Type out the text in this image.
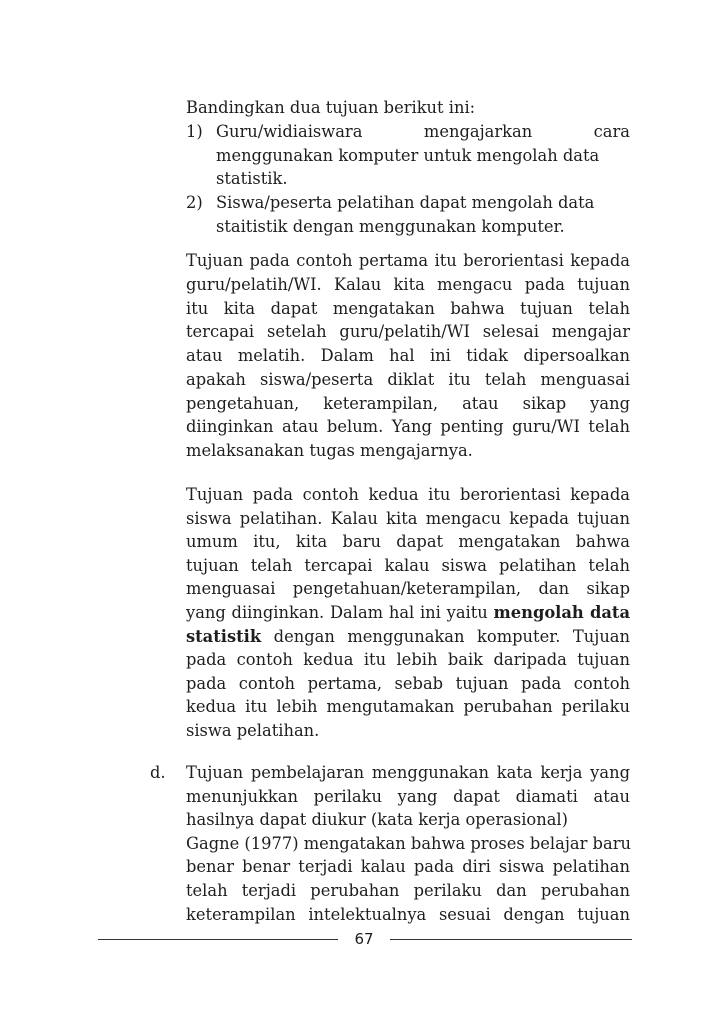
Bandingkan dua tujuan berikut ini:
1) Guru/widiaiswara mengajarkan cara
menggunakan komputer untuk mengolah data
statistik.
2) Siswa/peserta pelatihan dapat mengolah data
staitistik dengan menggunakan komputer.
Tujuan pada contoh pertama itu berorientasi kepada
guru/pelatih/WI. Kalau kita mengacu pada tujuan
itu kita dapat mengatakan bahwa tujuan telah
tercapai setelah guru/pelatih/WI selesai mengajar
atau melatih. Dalam hal ini tidak dipersoalkan
apakah siswa/peserta diklat itu telah menguasai
pengetahuan, keterampilan, atau sikap yang
diinginkan atau belum. Yang penting guru/WI telah
melaksanakan tugas mengajarnya.
Tujuan pada contoh kedua itu berorientasi kepada
siswa pelatihan. Kalau kita mengacu kepada tujuan
umum itu, kita baru dapat mengatakan bahwa
tujuan telah tercapai kalau siswa pelatihan telah
menguasai pengetahuan/keterampilan, dan sikap
yang diinginkan. Dalam hal ini yaitu mengolah data
statistik dengan menggunakan komputer. Tujuan
pada contoh kedua itu lebih baik daripada tujuan
pada contoh pertama, sebab tujuan pada contoh
kedua itu lebih mengutamakan perubahan perilaku
siswa pelatihan.
d. Tujuan pembelajaran menggunakan kata kerja yang
menunjukkan perilaku yang dapat diamati atau
hasilnya dapat diukur (kata kerja operasional)
Gagne (1977) mengatakan bahwa proses belajar baru
benar benar terjadi kalau pada diri siswa pelatihan
telah terjadi perubahan perilaku dan perubahan
keterampilan intelektualnya sesuai dengan tujuan
67
